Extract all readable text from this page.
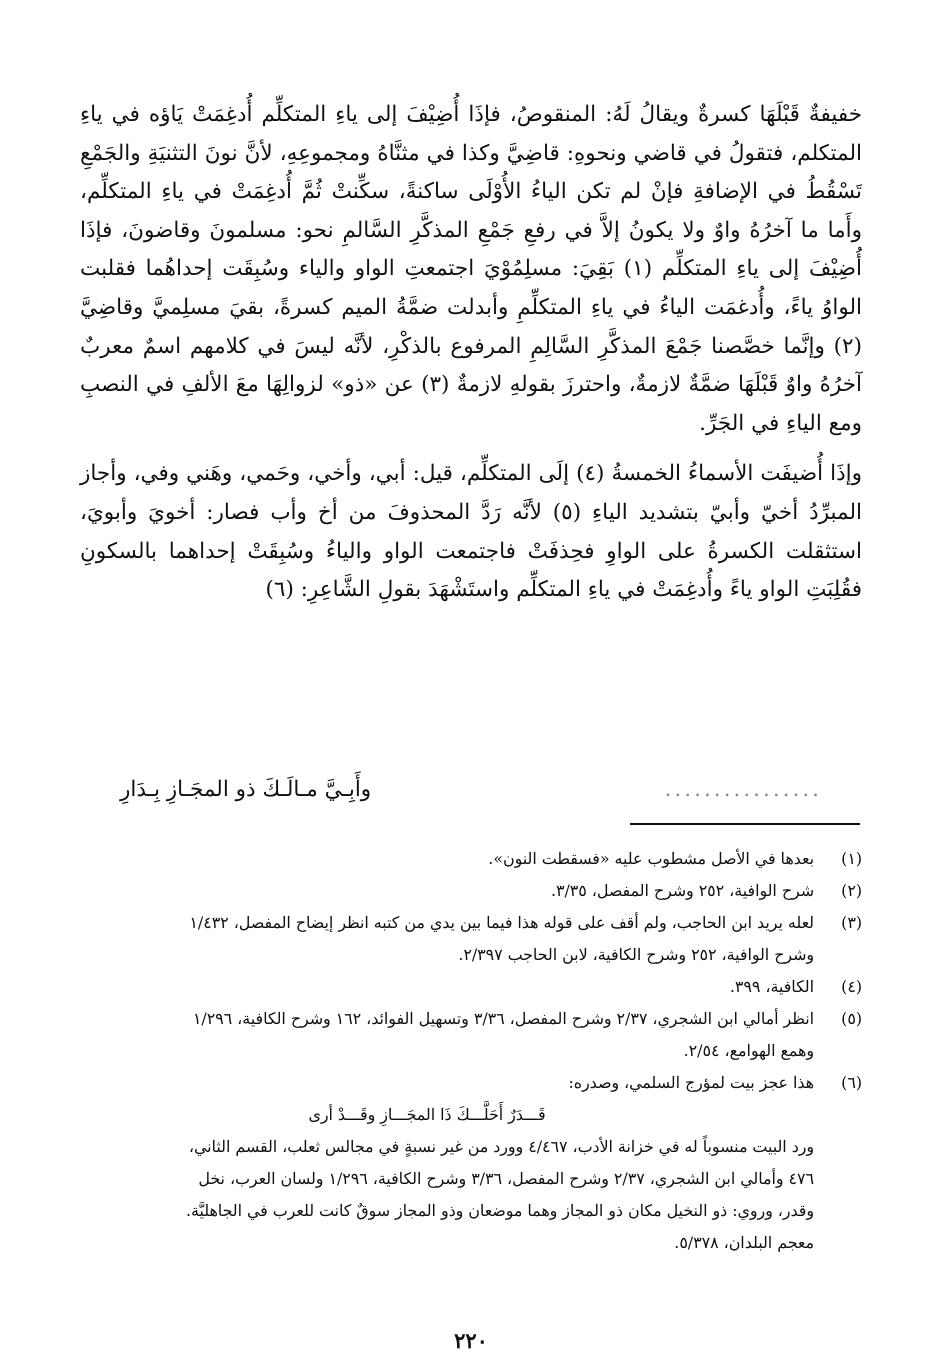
خفيفةٌ قَبْلَهَا كسرةٌ ويقالُ لَهُ: المنقوصُ، فإذَا أُضِيْفَ إلى ياءِ المتكلِّم أُدغِمَتْ يَاؤه في ياءِ المتكلم، فتقولُ في قاضي ونحوهِ: قاضِيَّ وكذا في مثنَّاهُ ومجموعِهِ، لأنَّ نونَ التثنيَةِ والجَمْعِ تَسْقُطُ في الإضافةِ فإنْ لم تكن الياءُ الأُوْلَى ساكنةً، سكِّنتْ ثُمَّ أُدغِمَتْ في ياءِ المتكلِّم، وأَما ما آخرُهُ واوٌ ولا يكونُ إلاَّ في رفعِ جَمْعِ المذكَّرِ السَّالمِ نحو: مسلمونَ وقاضونَ، فإذَا أُضِيْفَ إلى ياءِ المتكلِّم (١) بَقِيَ: مسلِمُوْيَ اجتمعتِ الواو والياء وسُبِقَت إحداهُما فقلبت الواوُ ياءً، وأُدغمَت الياءُ في ياءِ المتكلِّمِ وأبدلت ضمَّةُ الميم كسرةً، بقيَ مسلِميَّ وقاضِيَّ (٢) وإنَّما خصَّصنا جَمْعَ المذكَّرِ السَّالِمِ المرفوع بالذكْرِ، لأنَّه ليسَ في كلامهم اسمٌ معربٌ آخرُهُ واوٌ قَبْلَهَا ضمَّةٌ لازمةٌ، واحترزَ بقولهِ لازمةٌ (٣) عن «ذو» لزوالِهَا معَ الألفِ في النصبِ ومع الياءِ في الجَرِّ.

وإذَا أُضيفَت الأسماءُ الخمسةُ (٤) إلَى المتكلِّم، قيل: أبي، وأخي، وحَمي، وهَني وفي، وأجاز المبرِّدُ أخيّ وأبيّ بتشديد الياءِ (٥) لأنَّه رَدَّ المحذوفَ من أخ وأب فصار: أخويَ وأبويَ، استثقلت الكسرةُ على الواوِ فحِذفَتْ فاجتمعت الواو والياءُ وسُبِقَتْ إحداهما بالسكونِ فقُلِبَتِ الواو ياءً وأُدغِمَتْ في ياءِ المتكلِّم واستَشْهَدَ بقولِ الشَّاعِرِ: (٦)

................
وأَبِـيَّ مـالَـكَ ذو المجَـازِ بِـدَارِ
(١)
بعدها في الأصل مشطوب عليه «فسقطت النون».
(٢)
شرح الوافية، ٢٥٢ وشرح المفصل، ٣/٣٥.
(٣)
لعله يريد ابن الحاجب، ولم أقف على قوله هذا فيما بين يدي من كتبه انظر إيضاح المفصل، ١/٤٣٢
وشرح الوافية، ٢٥٢ وشرح الكافية، لابن الحاجب ٢/٣٩٧.
(٤)
الكافية، ٣٩٩.
(٥)
انظر أمالي ابن الشجري، ٢/٣٧ وشرح المفصل، ٣/٣٦ وتسهيل الفوائد، ١٦٢ وشرح الكافية، ١/٢٩٦
وهمع الهوامع، ٢/٥٤.
(٦)
هذا عجز بيت لمؤرج السلمي، وصدره:
قَـــدَرٌ أَحَلَّـــكَ ذَا المجَـــازِ وقَـــدْ أرى
ورد البيت منسوباً له في خزانة الأدب، ٤/٤٦٧ وورد من غير نسبةٍ في مجالس ثعلب، القسم الثاني،
٤٧٦ وأمالي ابن الشجري، ٢/٣٧ وشرح المفصل، ٣/٣٦ وشرح الكافية، ١/٢٩٦ ولسان العرب، نخل
وقدر، وروي: ذو النخيل مكان ذو المجاز وهما موضعان وذو المجاز سوقٌ كانت للعرب في الجاهليَّة.
معجم البلدان، ٥/٣٧٨.
٢٢٠
